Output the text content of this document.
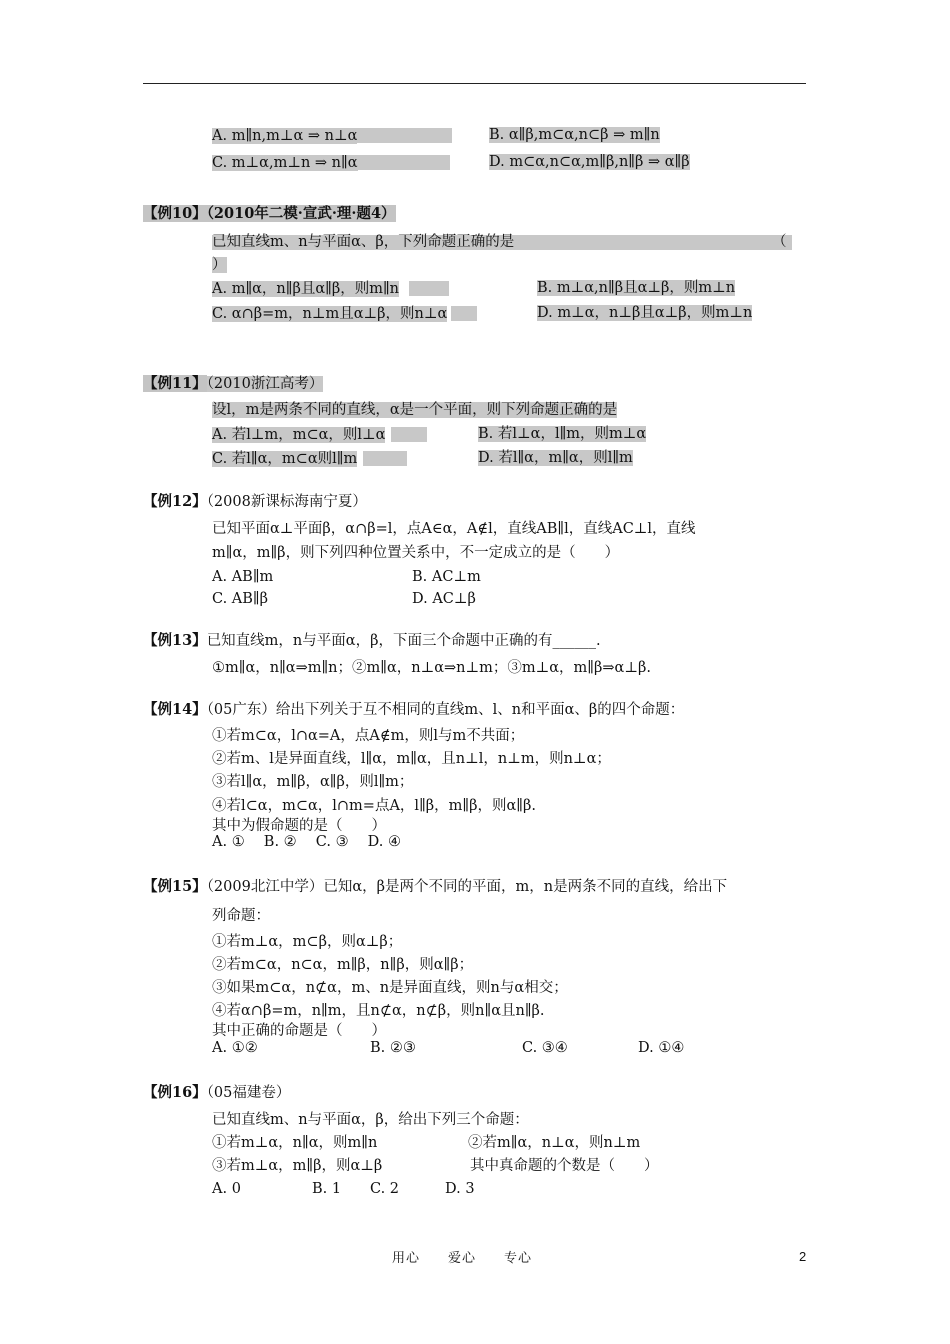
A. m∥n,m⊥α ⇒ n⊥α	B. α∥β,m⊂α,n⊂β ⇒ m∥n
C. m⊥α,m⊥n ⇒ n∥α	D. m⊂α,n⊂α,m∥β,n∥β ⇒ α∥β
【例10】（2010年二模·宣武·理·题4）
已知直线m、n与平面α、β，下列命题正确的是	（
）
A. m∥α，n∥β且α∥β，则m∥n	B. m⊥α,n∥β且α⊥β，则m⊥n
C. α∩β=m，n⊥m且α⊥β，则n⊥α	D. m⊥α，n⊥β且α⊥β，则m⊥n
【例11】（2010浙江高考）
设l，m是两条不同的直线，α是一个平面，则下列命题正确的是
A. 若l⊥m，m⊂α，则l⊥α	B. 若l⊥α，l∥m，则m⊥α
C. 若l∥α，m⊂α则l∥m	D. 若l∥α，m∥α，则l∥m
【例12】（2008新课标海南宁夏）
已知平面α⊥平面β，α∩β=l，点A∈α，A∉l，直线AB∥l，直线AC⊥l，直线
m∥α，m∥β，则下列四种位置关系中，不一定成立的是（　　）
A. AB∥m	B. AC⊥m
C. AB∥β	D. AC⊥β
【例13】已知直线m，n与平面α，β，下面三个命题中正确的有______.
①m∥α，n∥α⇒m∥n；②m∥α，n⊥α⇒n⊥m；③m⊥α，m∥β⇒α⊥β.
【例14】（05广东）给出下列关于互不相同的直线m、l、n和平面α、β的四个命题：
①若m⊂α，l∩α=A，点A∉m，则l与m不共面；
②若m、l是异面直线，l∥α，m∥α，且n⊥l，n⊥m，则n⊥α；
③若l∥α，m∥β，α∥β，则l∥m；
④若l⊂α，m⊂α，l∩m=点A，l∥β，m∥β，则α∥β.
其中为假命题的是（　　）
A. ①　 B. ②　 C. ③　 D. ④
【例15】（2009北江中学）已知α，β是两个不同的平面，m，n是两条不同的直线，给出下
列命题：
①若m⊥α，m⊂β，则α⊥β；
②若m⊂α，n⊂α，m∥β，n∥β，则α∥β；
③如果m⊂α，n⊄α，m、n是异面直线，则n与α相交；
④若α∩β=m，n∥m，且n⊄α，n⊄β，则n∥α且n∥β.
其中正确的命题是（　　）
A. ①②	B. ②③	C. ③④	D. ①④
【例16】（05福建卷）
已知直线m、n与平面α，β，给出下列三个命题：
①若m⊥α，n∥α，则m∥n	②若m∥α，n⊥α，则n⊥m
③若m⊥α，m∥β，则α⊥β	其中真命题的个数是（　　）
A. 0	B. 1 C. 2	D. 3
用心　　爱心　　专心	2
